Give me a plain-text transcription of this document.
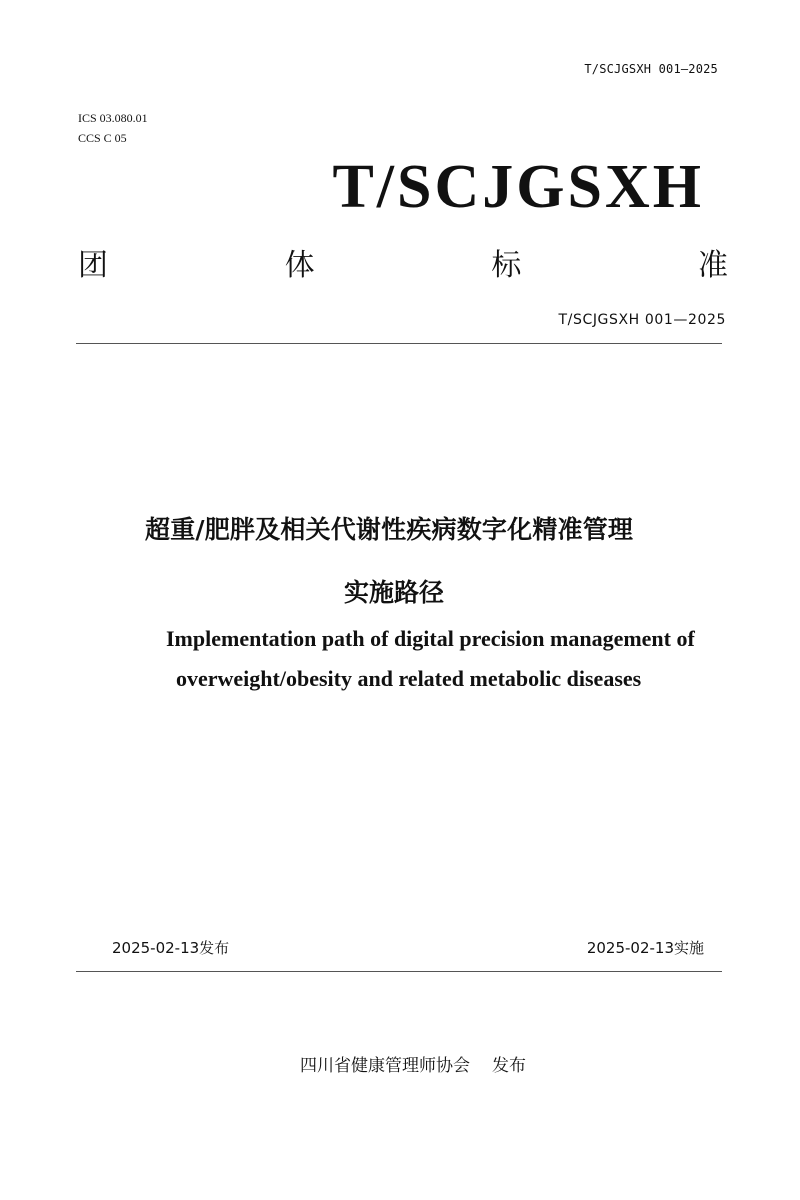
T/SCJGSXH 001—2025
ICS 03.080.01
CCS C 05
T/SCJGSXH
团	体	标	准
T/SCJGSXH 001—2025
超重/肥胖及相关代谢性疾病数字化精准管理
实施路径
Implementation path of digital precision management of
overweight/obesity and related metabolic diseases
2025-02-13发布	2025-02-13实施
四川省健康管理师协会 发布
